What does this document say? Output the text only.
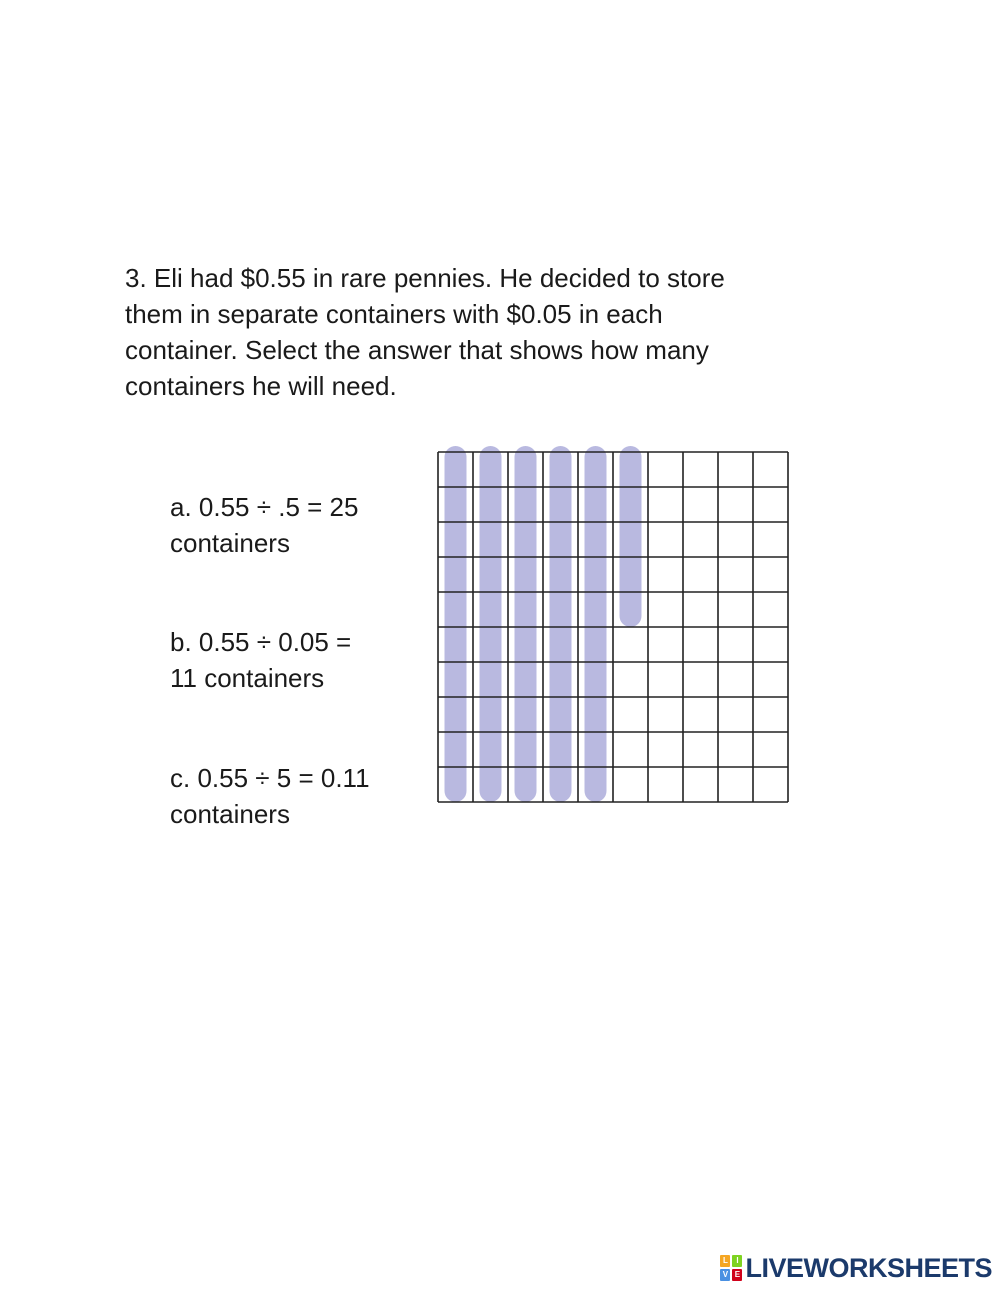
3. Eli had $0.55 in rare pennies. He decided to store

them in separate containers with $0.05 in each

container. Select the answer that shows how many

containers he will need.

a. 0.55 ÷ .5 = 25
containers
b. 0.55 ÷ 0.05 =
11 containers
c. 0.55 ÷ 5 = 0.11
containers
L	I
V E LIVEWORKSHEETS
